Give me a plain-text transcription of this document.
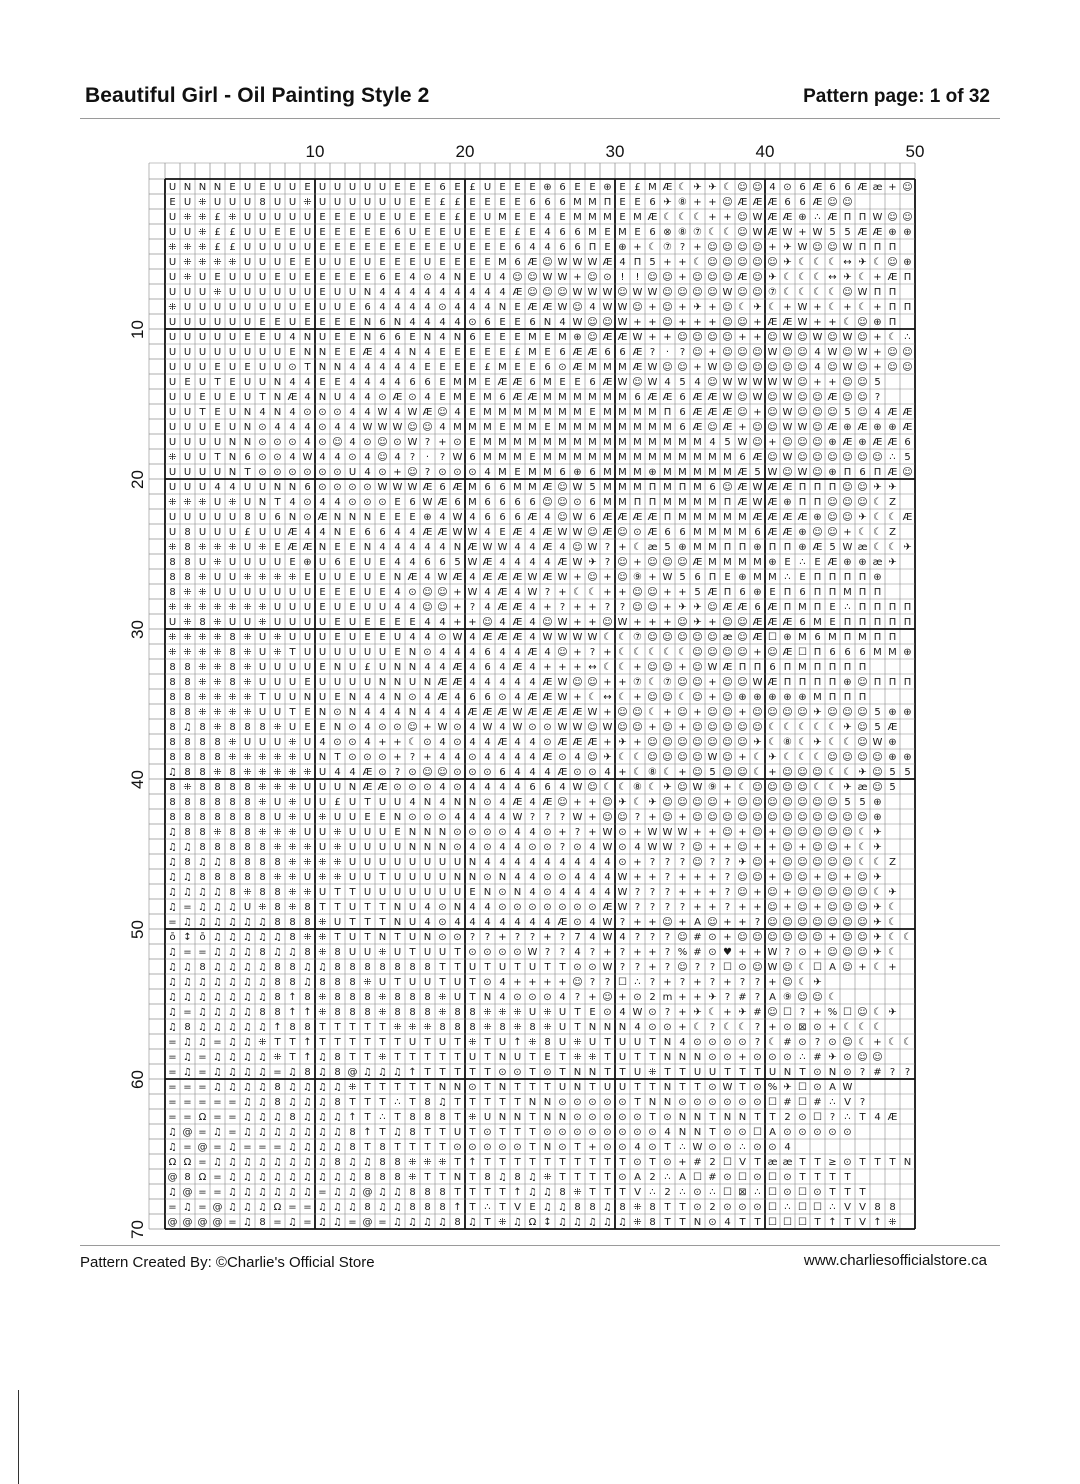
Beautiful Girl - Oil Painting Style 2	Pattern page: 1 of 32
10	20	30	40	50
10
20
30
40
50
60
70
U N N N E U E U U E U U U U U E E E 6 E £ U E E E ⊕ 6 E E ⊕ E £ M Æ ☾ ✈ ✈ ☾ ☺ ☺ 4 ⊙ 6 Æ 6 6 Æ æ + ☺
E U ⁜ U U U 8 U U ⁜ U U U U U U E E £ £ E E E E 6 6 6 M M Π E E 6 ✈ ⑧ + + ☺ Æ Æ Æ 6 6 Æ ☺ ☺
U ⁜ ⁜ £ ⁜ U U U U U E E E U E U E E E £ E U M E E 4 E M M M E M Æ ☾ ☾ ☾ + + ☺ W Æ Æ ⊕ ∴ Æ Π Π W ☺ ☺
U U ⁜ £ £ U U E E U E E E E E 6 U E E U E E E £ E 4 6 6 M E M E 6 ⊗ ⑧ ⑦ ☾ ☾ ☺ W Æ W + W 5 5 Æ Æ ⊕ ⊕
⁜ ⁜ ⁜ £ £ U U U U U E E E E E E E E E U E E E 6 4 4 6 6 Π E ⊕ + ☾ ⑦ ? + ☺ ☺ ☺ ☺ + ✈ W ☺ ☺ W Π Π Π
U ⁜ ⁜ ⁜ ⁜ U U U E E U U E U E E E U E E E E M 6 Æ ☺ W W W Æ 4 Π 5 + + ☾ ☺ ☺ ☺ ☺ ☺ ✈ ☾ ☾ ☾ ↔ ✈ ☾ ☺ ⊕
U ⁜ U E U U U E U E E E E E 6 E 4 ⊙ 4 N E U 4 ☺ ☺ W W + ☺ ⊙ ! ! ☺ ☺ + ☺ ☺ ☺ Æ ☺ ✈ ☾ ☾ ☾ ↔ ✈ ☾ + Æ Π
U U U ⁜ U U U U U U E U U N 4 4 4 4 4 4 4 4 4 Æ ☺ ☺ ☺ W W W ☺ W W ☺ ☺ ☺ ☺ W ☺ ☺ ⑦ ☾ ☾ ☾ ☾ ☺ W Π Π
⁜ U U U U U U U U E U U E 6 4 4 4 4 ⊙ 4 4 4 N E Æ Æ W ☺ 4 W W ☺ + ☺ + ✈ + ☺ ☾ ✈ ☾ + W + ☾ + ☾ + Π Π
U U U U U U E E U E E E E N 6 N 4 4 4 4 ⊙ 6 E E 6 N 4 W ☺ ☺ W + + ☺ + + + ☺ ☺ + Æ Æ W + + ☾ ☺ ⊕ Π
U U U U U E E U 4 N U E E N 6 6 E N 4 N 6 E E E M E M ⊕ ☺ Æ Æ W + + ☺ ☺ ☺ ☺ + + ☺ W ☺ W ☺ W ☺ + ☾ ∴
U U U U U U U U E N N E E Æ 4 4 N 4 E E E E E £ M E 6 Æ Æ 6 6 Æ ? · ? ☺ + ☺ ☺ ☺ W ☺ ☺ 4 W ☺ W + ☺ ☺
U U U E U E U U ⊙ T N N 4 4 4 4 4 E E E E £ M E E 6 ⊙ Æ M M M Æ W ☺ ☺ + W ☺ ☺ ☺ ☺ ☺ ☺ 4 ☺ W ☺ + ☺ ☺
U E U T E U U N 4 4 E E 4 4 4 4 6 6 E M M E Æ Æ 6 M E E 6 Æ W ☺ W 4 5 4 ☺ W W W W W ☺ + + ☺ ☺ 5
U U E U E U T N Æ 4 N U 4 4 ⊙ Æ ⊙ 4 E M E M 6 Æ Æ M M M M M M 6 Æ Æ 6 Æ Æ W ☺ W ☺ W ☺ ☺ Æ ☺ ☺ ?
U U T E U N 4 N 4 ⊙ ⊙ ⊙ 4 4 W 4 W Æ ☺ 4 E M M M M M M M E M M M M Π 6 Æ Æ Æ ☺ + ☺ W ☺ ☺ ☺ 5 ☺ 4 Æ Æ
U U U E U N ⊙ 4 4 4 ⊙ 4 4 W W W ☺ ☺ 4 M M M E M M E M M M M M M M M 6 Æ ☺ Æ + ☺ ☺ W W ☺ Æ ⊕ Æ ⊕ ⊕ Æ
U U U U N N ⊙ ⊙ ⊙ 4 ⊙ ☺ 4 ⊙ ☺ ⊙ W ? + ⊙ E M M M M M M M M M M M M M M M 4 5 W ☺ + ☺ ☺ ☺ ⊕ Æ ⊕ Æ Æ 6
⁜ U U T N 6 ⊙ ⊙ 4 W 4 4 ⊙ 4 ☺ 4 ? · ? W 6 M M M E M M M M M M M M M M M M M 6 Æ ☺ W ☺ ☺ ☺ ☺ ☺ ☺ ∴ 5
U U U U N T ⊙ ⊙ ⊙ ⊙ ⊙ ⊙ U 4 ⊙ + ☺ ? ⊙ ⊙ ⊙ 4 M E M M 6 ⊕ 6 M M M ⊕ M M M M M Æ 5 W ☺ W ☺ ⊕ Π 6 Π Æ ☺
U U U 4 4 U U N N 6 ⊙ ⊙ ⊙ ⊙ W W W Æ 6 Æ M 6 6 M M Æ ☺ W 5 M M M Π M Π M 6 ☺ Æ W Æ Æ Π Π Π ☺ ☺ ✈ ✈
⁜ ⁜ ⁜ U ⁜ U N T 4 ⊙ 4 4 ⊙ ⊙ ⊙ E 6 W Æ 6 M 6 6 6 6 ☺ ☺ ⊙ 6 M M Π Π M M M M Π Æ W Æ ⊕ Π Π ☺ ☺ ☺ ☾ Z
U U U U U 8 U 6 N ⊙ Æ N N N E E E ⊕ 4 W 4 6 6 6 Æ 4 ☺ W 6 Æ Æ Æ Æ Π M M M M M Æ Æ Æ Æ ⊕ ☺ ☺ ✈ ☾ ☾ Æ
U 8 U U U £ U U Æ 4 4 N E 6 6 4 4 Æ Æ W W 4 E Æ 4 Æ W W ☺ Æ ☺ ⊙ Æ 6 6 M M M M 6 Æ Æ ⊕ ☺ ☺ + ☾ ☾ Z
⁜ 8 ⁜ ⁜ ⁜ U ⁜ E Æ Æ N E E N 4 4 4 4 4 N Æ W W 4 4 Æ 4 ☺ W ? + ☾ æ 5 ⊕ M M Π Π ⊕ Π Π ⊕ Æ 5 W æ ☾ ☾ ✈
8 8 U ⁜ U U U U E ⊕ U 6 E U E 4 4 6 6 5 W Æ 4 4 4 4 Æ W ✈ ? ☺ + ☺ ☺ ☺ Æ M M M M ⊕ E ∴ E Æ ⊕ ⊕ æ ✈
8 8 ⁜ U U ⁜ ⁜ ⁜ ⁜ E U U E U E N Æ 4 W Æ 4 Æ Æ Æ W Æ W + ☺ + ☺ ⑨ + W 5 6 Π E ⊕ M M ∴ E Π Π Π Π ⊕
8 ⁜ ⁜ U U U U U U U E E E U E 4 ⊙ ☺ ☺ + W 4 Æ 4 W ? + ☾ ☾ + + ☺ ☺ + + 5 Æ Π 6 ⊕ E Π 6 Π Π M Π Π
⁜ ⁜ ⁜ ⁜ ⁜ ⁜ ⁜ U U U E U E U U 4 4 ☺ ☺ + ? 4 Æ Æ 4 + ? + + ? ? ☺ ☺ + ✈ ✈ ☺ Æ Æ 6 Æ Π M Π E ∴ Π Π Π Π
U ⁜ 8 ⁜ U U ⁜ U U U U E U E E E E 4 4 + + ☺ 4 Æ 4 ☺ W + + ☺ W + + + ☺ ✈ + ☺ ☺ Æ Æ Æ 6 M E Π Π Π Π Π
⁜ ⁜ ⁜ ⁜ 8 ⁜ U ⁜ U U U E U E E U 4 4 ⊙ W 4 Æ Æ Æ 4 W W W W ☾ ☾ ⑦ ☺ ☺ ☺ ☺ ☺ æ ☺ Æ ☐ ⊕ M 6 M Π M Π Π
⁜ ⁜ ⁜ ⁜ 8 ⁜ U ⁜ T U U U U U U E N ⊙ 4 4 4 6 4 4 Æ 4 ☺ + ? + ☾ ☾ ☾ ☾ ☾ ☺ ☺ ☺ ☺ + ☺ Æ ☐ Π 6 6 6 M M ⊕
8 8 ⁜ ⁜ 8 ⁜ U U U U E N U £ U N N 4 4 Æ 4 6 4 Æ 4 + + + ↔ ☾ ☾ + ☺ ☺ + ☺ W Æ Π Π 6 Π M Π Π Π Π
8 8 ⁜ ⁜ 8 ⁜ U U U E U U U U N N U N Æ Æ 4 4 4 4 4 Æ W ☺ ☺ + + ⑦ ☾ ⑦ ☺ ☺ + ☺ ☺ W Æ Π Π Π Π ⊕ ☺ Π Π Π
8 8 ⁜ ⁜ ⁜ ⁜ T U U N U E N 4 4 N ⊙ 4 Æ 4 6 6 ⊙ 4 Æ Æ W + ☾ ↔ ☾ + ☺ ☺ ☾ ☺ + ☺ ⊕ ⊕ ⊕ ⊕ ⊕ M Π Π Π
8 8 ⁜ ⁜ ⁜ ⁜ U U T E N ⊙ N 4 4 4 N 4 4 4 Æ Æ Æ W Æ Æ Æ Æ W + ☺ ☺ ☾ + ☺ + ☺ ☺ + ☺ ☺ ☺ ☺ ✈ ☺ ☺ ☺ 5 ⊕ ⊕
8 ♫ 8 ⁜ 8 8 8 ⁜ U E E N ⊙ 4 ⊙ ⊙ ☺ + W ⊙ 4 W 4 W ⊙ ⊙ W W ☺ W ☺ ☺ + ☺ + ☺ ☺ ☺ ☺ ☺ ☾ ☾ ☾ ☾ ☾ ✈ ☺ 5 Æ
8 8 8 8 ⁜ U U U ⁜ U 4 ⊙ ⊙ 4 + + ☾ ⊙ 4 ⊙ 4 4 Æ 4 4 ⊙ Æ Æ Æ + ✈ + ☺ ☺ ☺ ☺ ☺ ☺ ☺ ✈ ☾ ⑧ ☾ ✈ ☾ ☾ ☺ W ⊕
8 8 8 8 ⁜ ⁜ ⁜ ⁜ ⁜ U N T ⊙ ⊙ ⊙ + ? + 4 4 ⊙ 4 4 4 4 Æ ⊙ 4 ☺ ✈ ☾ ☾ ☺ ☺ ☺ ☺ W ☺ + ☾ ✈ ☾ ☾ ☾ ☺ ☺ ☺ ☺ ⊕ ⊕
♫ 8 8 ⁜ 8 ⁜ ⁜ ⁜ ⁜ ⁜ U 4 4 Æ ⊙ ? ⊙ ☺ ☺ ⊙ ⊙ ⊙ 6 4 4 4 Æ ⊙ ⊙ 4 + ☾ ⑧ ☾ + ☺ 5 ☺ ☺ ☾ + ☺ ☺ ☺ ☾ ☾ ✈ ☺ 5 5
8 ⁜ 8 8 8 8 ⁜ ⁜ ⁜ U U U N Æ Æ ⊙ ⊙ ⊙ 4 ⊙ 4 4 4 4 6 6 4 W ☺ ☾ ☾ ⑧ ☾ ✈ ☺ W ⑨ + ☾ ☺ ☺ ☺ ☺ ☾ ☾ ✈ æ ☺ 5
8 8 8 8 8 8 ⁜ U ⁜ U U £ U T U U 4 N 4 N N ⊙ 4 Æ 4 Æ ☺ + + ☺ ✈ ☾ ✈ ☺ ☺ ☺ ☺ + ☺ ☺ ☺ ☺ ☺ ☺ ☺ 5 5 ⊕
8 8 8 8 8 8 8 U ⁜ U ⁜ U U E E N ⊙ ⊙ ⊙ 4 4 4 4 W ? ? ? W + ☺ ☺ ? + ☺ + ☺ ☺ ☺ ☺ ☺ ☺ ☺ ☺ ☺ ☺ ☺ ☺ ⊕
♫ 8 8 ⁜ 8 8 ⁜ ⁜ ⁜ U U ⁜ U U U E N N N ⊙ ⊙ ⊙ ⊙ 4 4 ⊙ + ? + W ⊙ + W W W + + ☺ + ☺ + ☺ ☺ ☺ ☺ ☺ ☾ ✈
♫ ♫ 8 8 8 8 8 ⁜ ⁜ ⁜ U ⁜ U U U U N N N ⊙ 4 ⊙ 4 4 ⊙ ⊙ ? ⊙ 4 W ⊙ 4 W W ? ☺ + + ☺ + + ☺ + ☺ ☺ + ☾ ✈
♫ 8 ♫ ♫ 8 8 8 8 ⁜ ⁜ ⁜ ⁜ U U U U U U U U N 4 4 4 4 4 4 4 4 4 ⊙ + ? ? ? ☺ ? ? ✈ ☺ + ☺ ☺ ☺ ☺ ☺ ☾ ☾ Z
♫ ♫ 8 8 8 8 8 ⁜ ⁜ U ⁜ ⁜ U U T U U U U N N ⊙ N 4 4 ⊙ ⊙ 4 4 4 W + + ? + + + ? ☺ ☺ + ☺ ☺ + ☺ + ☺ ✈
♫ ♫ ♫ ♫ 8 ⁜ 8 8 ⁜ ⁜ U T T U U U U U U U E N ⊙ N 4 ⊙ 4 4 4 4 W ? ? ? + + + ? ☺ + ☺ + ☺ ☺ ☺ ☺ ☺ ☾ ✈
♫ = ♫ ♫ ♫ U ⁜ 8 ⁜ 8 T T U T T N U 4 ⊙ N 4 4 ⊙ ⊙ ⊙ ⊙ ⊙ ⊙ ⊙ Æ W ? ? ? ? + + ? + + ☺ + ☺ + ☺ ☺ ☺ ✈ ☾
= ♫ ♫ ♫ ♫ ♫ ♫ 8 8 8 ⁜ U T T T N U 4 ⊙ 4 4 4 4 4 4 4 Æ ⊙ 4 W ? + + ☺ + A ☺ + + ? ☺ ☺ ☺ ☺ ☺ ☺ ☺ ✈ ☾
ō ↕ ō ♫ ♫ ♫ ♫ ♫ 8 ⁜ ⁜ T U T N T U N ⊙ ⊙ ? ? + ? ? + ? 7 4 W 4 ? ? ? ☺ # ⊙ + ☺ ☺ ☺ ☺ ☺ ☺ + ☺ ☺ ✈ ☾ ☾
♫ = = ♫ ♫ ♫ 8 ♫ ♫ 8 ⁜ 8 U U ⁜ U T U U T ⊙ ⊙ ⊙ ⊙ W ? ? 4 ? + ? + + ? % # ⊙ ♥ + + W ? ⊙ + ☺ ☺ ☺ ✈ ☾
♫ ♫ 8 ♫ ♫ ♫ ♫ 8 8 ♫ ♫ 8 8 8 8 8 8 8 T T U T U T U T T ⊙ ⊙ W ? ? + ? ☺ ? ? ☐ ⊙ ☺ W ☺ ☾ ☐ A ☺ + ☾ +
♫ ♫ ♫ ♫ ♫ ♫ ♫ 8 8 ♫ 8 8 8 ⁜ U T U U T U T ⊙ 4 + + + + ☺ ? ? ☐ ∴ ? + ? + ? + ? ? + ☺ ☾ ✈
♫ ♫ ♫ ♫ ♫ ♫ ♫ 8 ↑ 8 ⁜ 8 8 8 ⁜ 8 8 8 ⁜ U T N 4 ⊙ ⊙ ⊙ 4 ? + ☺ + ⊙ 2 m + + ✈ ? # ? A ⑨ ☺ ☺ ☾
♫ = ♫ ♫ ♫ ♫ 8 8 ↑ ↑ ⁜ 8 8 8 ⁜ 8 8 8 ⁜ 8 8 ⁜ ⁜ ⁜ U ⁜ U T E ⊙ 4 W ⊙ ? + ✈ ☾ + ✈ # ☺ ☐ ? + % ☐ ☺ ☾ ✈
♫ 8 ♫ ♫ ♫ ♫ ♫ ↑ 8 8 T T T T T ⁜ ⁜ ⁜ 8 8 8 ⁜ 8 ⁜ 8 ⁜ U T N N N 4 ⊙ ⊙ + ☾ ? ☾ ☾ ? + ⊙ ⊠ ⊙ + ☾ ☾ ☾
= ♫ ♫ = ♫ ♫ ⁜ T T ↑ T T T T T T U T U T ⁜ T U ↑ ⁜ 8 U ⁜ U T U U T N 4 ⊙ ⊙ ⊙ ⊙ ? ☾ # ⊙ ? ⊙ ☺ ☾ + ☾ ☾
= ♫ = ♫ ♫ ♫ ♫ ⁜ T ↑ ♫ 8 T T ⁜ T T T T T U T N U T E T ⁜ ⁜ T U T T N N N ⊙ ⊙ + ⊙ ⊙ ⊙ ∴ # ✈ ⊙ ☺ ☺
= ♫ = ♫ ♫ ♫ ♫ = ♫ 8 ♫ 8 @ ♫ ♫ ♫ ↑ T T T T T ⊙ ⊙ T ⊙ T N N T T U ⁜ T T U U T T T U N T ⊙ N ⊙ ? # ? ?
= = = ♫ ♫ ♫ ♫ 8 ♫ ♫ ♫ ♫ ⁜ T T T T T N N ⊙ T N T T T U N T U U T T N T T ⊙ W T ⊙ % ✈ ☐ ⊙ A W
= = = = = ♫ ♫ 8 ♫ ♫ ♫ 8 T T T ∴ T 8 ♫ T T T T T N N ⊙ ⊙ ⊙ ⊙ ⊙ T N N ⊙ ⊙ ⊙ ⊙ ⊙ ⊙ ☐ # ☐ # ∴ V ?
= = Ω = = ♫ ♫ ♫ 8 ♫ ♫ ♫ ↑ T ∴ T 8 8 8 T ⁜ U N N T N N ⊙ ⊙ ⊙ ⊙ ⊙ T ⊙ N N T N N T T 2 ⊙ ☐ ? ∴ T 4 Æ
♫ @ = ♫ = ♫ ♫ ♫ ♫ ♫ ♫ ♫ 8 ↑ T ♫ 8 T T U T ⊙ T T T ⊙ ⊙ ⊙ ⊙ ⊙ ⊙ ⊙ ⊙ 4 N N T ⊙ ⊙ ☐ A ⊙ ⊙ ⊙ ⊙ ⊙
♫ = @ = ♫ = = = ♫ ♫ ♫ ♫ 8 T 8 T T T T ⊙ ⊙ ⊙ ⊙ ⊙ T N ⊙ T + ⊙ ⊙ 4 ⊙ T ∴ W ⊙ ⊙ ∴ ⊙ ⊙ 4
Ω Ω = ♫ ♫ ♫ ♫ ♫ ♫ ♫ ♫ 8 ♫ ♫ 8 8 ⁜ ⁜ ⁜ T ↑ T T T T T T T T T T ⊙ T ⊙ + # 2 ☐ V T æ æ T T ≥ ⊙ T T T N
@ 8 Ω = ♫ ♫ ♫ ♫ ♫ ♫ ♫ ♫ ♫ 8 8 8 ⁜ T T N T 8 ♫ 8 ♫ ⁜ T T T T ⊙ A 2 ∴ A ☐ # ⊙ ☐ ⊙ ☐ ⊙ T T T T
♫ @ = = ♫ ♫ ♫ ♫ ♫ ♫ = ♫ ♫ @ ♫ ♫ 8 8 8 T T T T ↑ ♫ ♫ 8 ⁜ T T T V ∴ 2 ∴ ⊙ ∴ ☐ ⊠ ∴ ☐ ⊙ ☐ ⊙ T T T
= ♫ = @ ♫ ♫ ♫ Ω = = ♫ ♫ ♫ 8 ♫ ♫ 8 8 8 ↑ T ∴ T V E ♫ ♫ 8 8 ♫ 8 ⁜ 8 T T ⊙ 2 ⊙ ⊙ ⊙ ☐ ∴ ☐ ☐ ∴ V V 8 8
@ @ @ @ = ♫ 8 = ♫ = ♫ ♫ = @ = ♫ ♫ ♫ ♫ 8 ♫ T ⁜ ♫ Ω ↕ ♫ ♫ ♫ ♫ ♫ ⁜ 8 T T N ⊙ 4 T T ☐ ☐ ☐ T ↑ T V ↑ ⁜
Pattern Created By: ©Charlie's Official Store	www.charliesofficialstore.ca
